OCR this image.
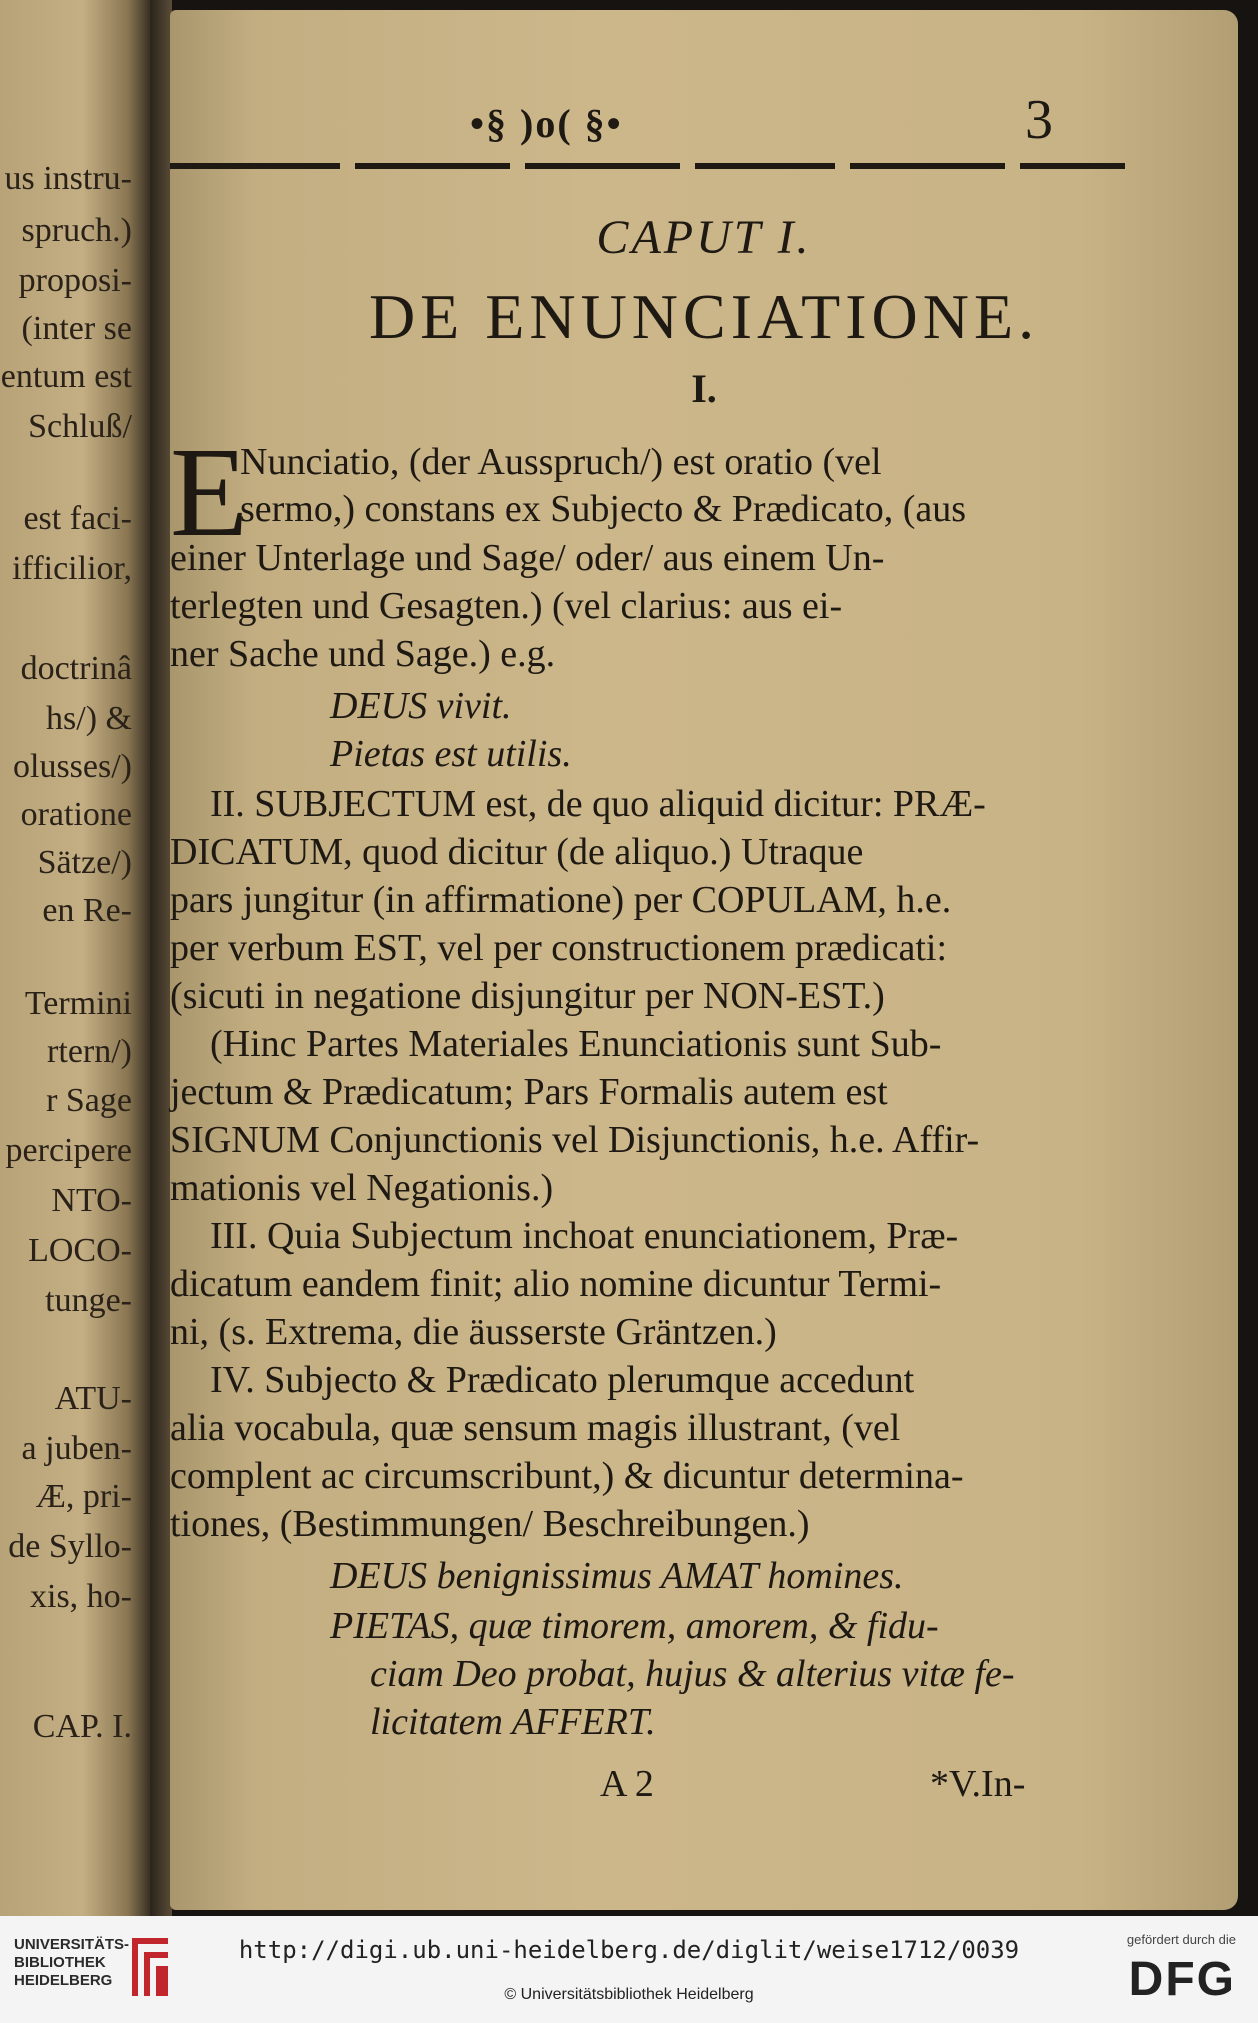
us instru-
spruch.)
proposi-
(inter se
entum est
Schluß/
est faci-
ifficilior,
doctrinâ
hs/) &
olusses/)
oratione
Sätze/)
en Re-
Termini
rtern/)
r Sage
percipere
NTO-
LOCO-
tunge-
ATU-
a juben-
Æ, pri-
de Syllo-
xis, ho-
CAP. I.
•§ )o( §•	3
CAPUT I.
DE ENUNCIATIONE.
I.
E
Nunciatio, (der Ausspruch/) est oratio (vel
sermo,) constans ex Subjecto & Prædicato, (aus
einer Unterlage und Sage/ oder/ aus einem Un-
terlegten und Gesagten.) (vel clarius: aus ei-
ner Sache und Sage.) e.g.
DEUS vivit.
Pietas est utilis.
II. SUBJECTUM est, de quo aliquid dicitur: PRÆ-
DICATUM, quod dicitur (de aliquo.) Utraque
pars jungitur (in affirmatione) per COPULAM, h.e.
per verbum EST, vel per constructionem prædicati:
(sicuti in negatione disjungitur per NON-EST.)
(Hinc Partes Materiales Enunciationis sunt Sub-
jectum & Prædicatum; Pars Formalis autem est
SIGNUM Conjunctionis vel Disjunctionis, h.e. Affir-
mationis vel Negationis.)
III. Quia Subjectum inchoat enunciationem, Præ-
dicatum eandem finit; alio nomine dicuntur Termi-
ni, (s. Extrema, die äusserste Gräntzen.)
IV. Subjecto & Prædicato plerumque accedunt
alia vocabula, quæ sensum magis illustrant, (vel
complent ac circumscribunt,) & dicuntur determina-
tiones, (Bestimmungen/ Beschreibungen.)
DEUS benignissimus AMAT homines.
PIETAS, quæ timorem, amorem, & fidu-
ciam Deo probat, hujus & alterius vitæ fe-
licitatem AFFERT.
A 2	*V.In-
UNIVERSITÄTS-
BIBLIOTHEK
HEIDELBERG
http://digi.ub.uni-heidelberg.de/diglit/weise1712/0039
© Universitätsbibliothek Heidelberg
gefördert durch die
DFG
